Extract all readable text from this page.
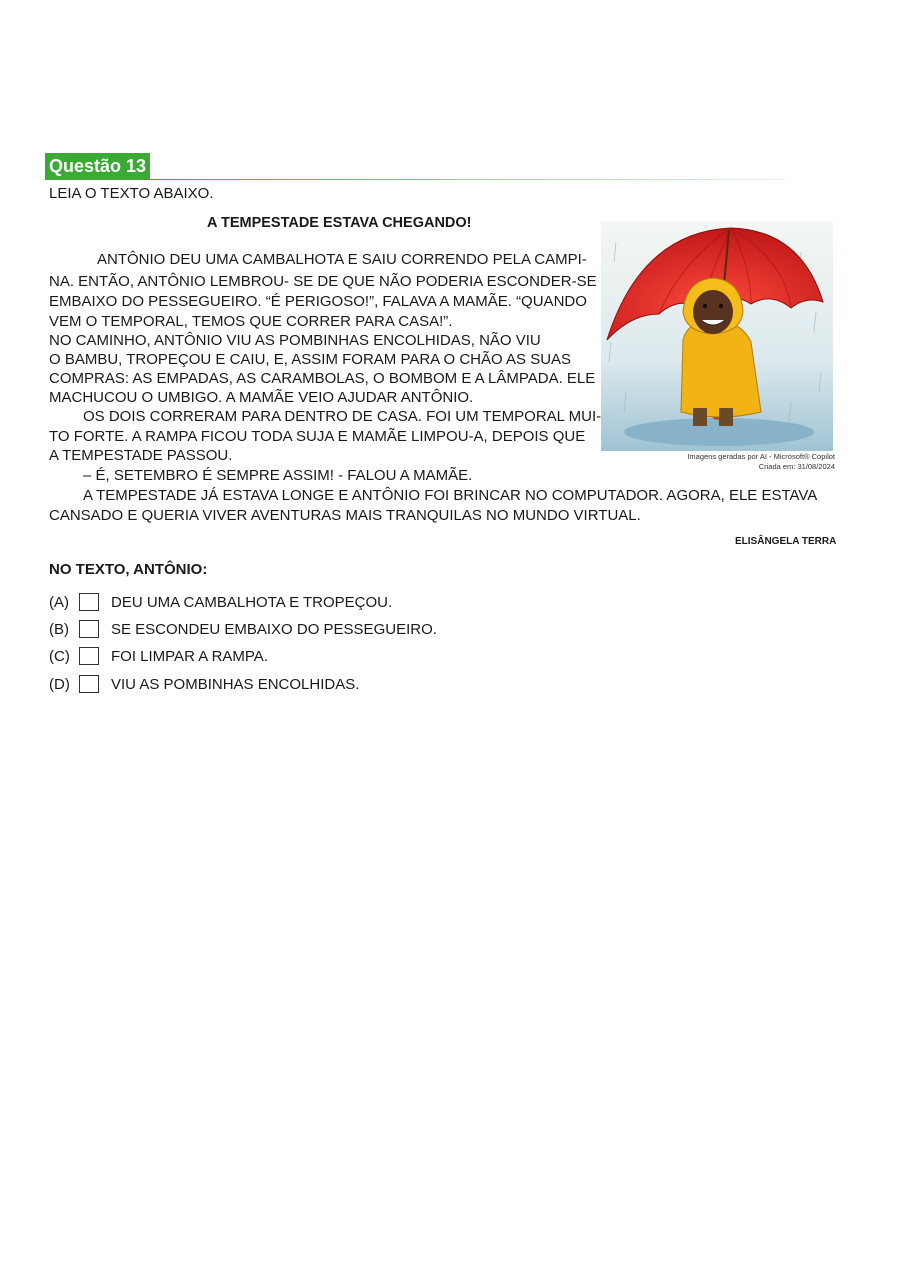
Questão 13
LEIA O TEXTO ABAIXO.
A TEMPESTADE ESTAVA CHEGANDO!
ANTÔNIO DEU UMA CAMBALHOTA E SAIU CORRENDO PELA CAMPI-
NA. ENTÃO, ANTÔNIO LEMBROU- SE DE QUE NÃO PODERIA ESCONDER-SE
EMBAIXO DO PESSEGUEIRO. “É PERIGOSO!”, FALAVA A MAMÃE. “QUANDO
VEM O TEMPORAL, TEMOS QUE CORRER PARA CASA!”.
NO CAMINHO, ANTÔNIO VIU AS POMBINHAS ENCOLHIDAS, NÃO VIU
O BAMBU, TROPEÇOU E CAIU, E, ASSIM FORAM PARA O CHÃO AS SUAS
COMPRAS: AS EMPADAS, AS CARAMBOLAS, O BOMBOM E A LÂMPADA. ELE
MACHUCOU O UMBIGO. A MAMÃE VEIO AJUDAR ANTÔNIO.
OS DOIS CORRERAM PARA DENTRO DE CASA. FOI UM TEMPORAL MUI-
TO FORTE. A RAMPA FICOU TODA SUJA E MAMÃE LIMPOU-A, DEPOIS QUE
A TEMPESTADE PASSOU.
– É, SETEMBRO É SEMPRE ASSIM! - FALOU A MAMÃE.
A TEMPESTADE JÁ ESTAVA LONGE E ANTÔNIO FOI BRINCAR NO COMPUTADOR. AGORA, ELE ESTAVA
CANSADO E QUERIA VIVER AVENTURAS MAIS TRANQUILAS NO MUNDO VIRTUAL.
Imagens geradas por AI - Microsoft® Copilot
Criada em: 31/08/2024
ELISÂNGELA TERRA
NO TEXTO, ANTÔNIO:
(A)	DEU UMA CAMBALHOTA E TROPEÇOU.
(B)	SE ESCONDEU EMBAIXO DO PESSEGUEIRO.
(C)	FOI LIMPAR A RAMPA.
(D)	VIU AS POMBINHAS ENCOLHIDAS.
